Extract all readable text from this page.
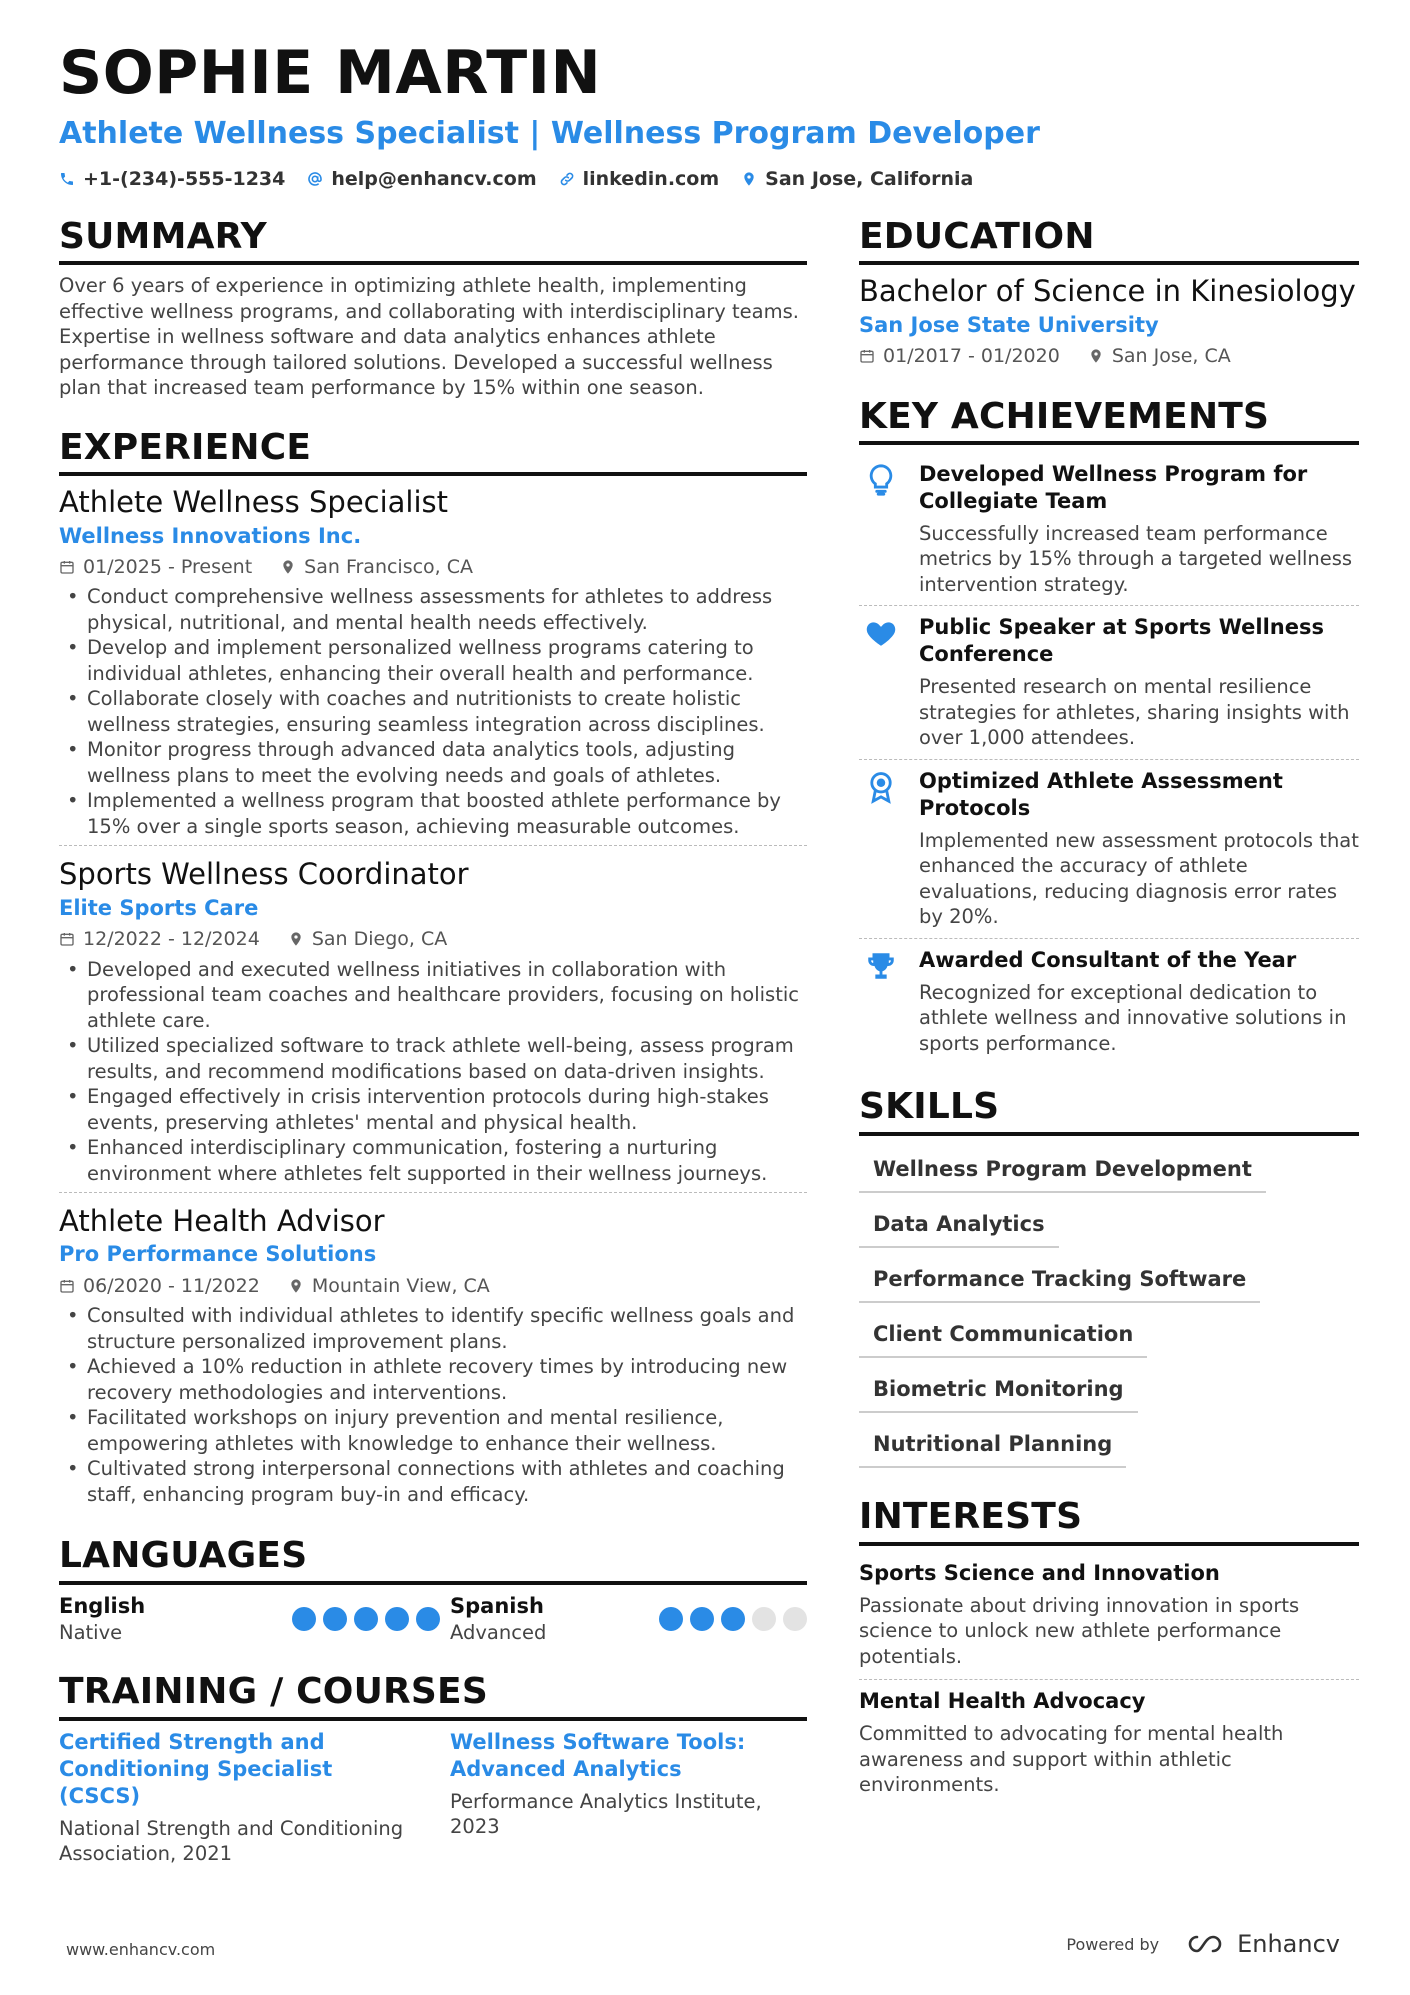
SOPHIE MARTIN
Athlete Wellness Specialist | Wellness Program Developer
+1-(234)-555-1234 help@enhancv.com linkedin.com San Jose, California
SUMMARY
Over 6 years of experience in optimizing athlete health, implementing effective wellness programs, and collaborating with interdisciplinary teams. Expertise in wellness software and data analytics enhances athlete performance through tailored solutions. Developed a successful wellness plan that increased team performance by 15% within one season.
EXPERIENCE
Athlete Wellness Specialist
Wellness Innovations Inc.
01/2025 - Present	San Francisco, CA
• Conduct comprehensive wellness assessments for athletes to address physical, nutritional, and mental health needs effectively.
• Develop and implement personalized wellness programs catering to individual athletes, enhancing their overall health and performance.
• Collaborate closely with coaches and nutritionists to create holistic wellness strategies, ensuring seamless integration across disciplines.
• Monitor progress through advanced data analytics tools, adjusting wellness plans to meet the evolving needs and goals of athletes.
• Implemented a wellness program that boosted athlete performance by 15% over a single sports season, achieving measurable outcomes.
Sports Wellness Coordinator
Elite Sports Care
12/2022 - 12/2024	San Diego, CA
• Developed and executed wellness initiatives in collaboration with professional team coaches and healthcare providers, focusing on holistic athlete care.
• Utilized specialized software to track athlete well-being, assess program results, and recommend modifications based on data-driven insights.
• Engaged effectively in crisis intervention protocols during high-stakes events, preserving athletes' mental and physical health.
• Enhanced interdisciplinary communication, fostering a nurturing environment where athletes felt supported in their wellness journeys.
Athlete Health Advisor
Pro Performance Solutions
06/2020 - 11/2022	Mountain View, CA
• Consulted with individual athletes to identify specific wellness goals and structure personalized improvement plans.
• Achieved a 10% reduction in athlete recovery times by introducing new recovery methodologies and interventions.
• Facilitated workshops on injury prevention and mental resilience, empowering athletes with knowledge to enhance their wellness.
• Cultivated strong interpersonal connections with athletes and coaching staff, enhancing program buy-in and efficacy.
LANGUAGES
English
Native
Spanish
Advanced
TRAINING / COURSES
Certified Strength and Conditioning Specialist (CSCS)
National Strength and Conditioning Association, 2021
Wellness Software Tools: Advanced Analytics
Performance Analytics Institute, 2023
EDUCATION
Bachelor of Science in Kinesiology
San Jose State University
01/2017 - 01/2020	San Jose, CA
KEY ACHIEVEMENTS
Developed Wellness Program for Collegiate Team
Successfully increased team performance metrics by 15% through a targeted wellness intervention strategy.
Public Speaker at Sports Wellness Conference
Presented research on mental resilience strategies for athletes, sharing insights with over 1,000 attendees.
Optimized Athlete Assessment Protocols
Implemented new assessment protocols that enhanced the accuracy of athlete evaluations, reducing diagnosis error rates by 20%.
Awarded Consultant of the Year
Recognized for exceptional dedication to athlete wellness and innovative solutions in sports performance.
SKILLS
Wellness Program Development
Data Analytics
Performance Tracking Software
Client Communication
Biometric Monitoring
Nutritional Planning
INTERESTS
Sports Science and Innovation
Passionate about driving innovation in sports science to unlock new athlete performance potentials.
Mental Health Advocacy
Committed to advocating for mental health awareness and support within athletic environments.
www.enhancv.com	Powered by	Enhancv
